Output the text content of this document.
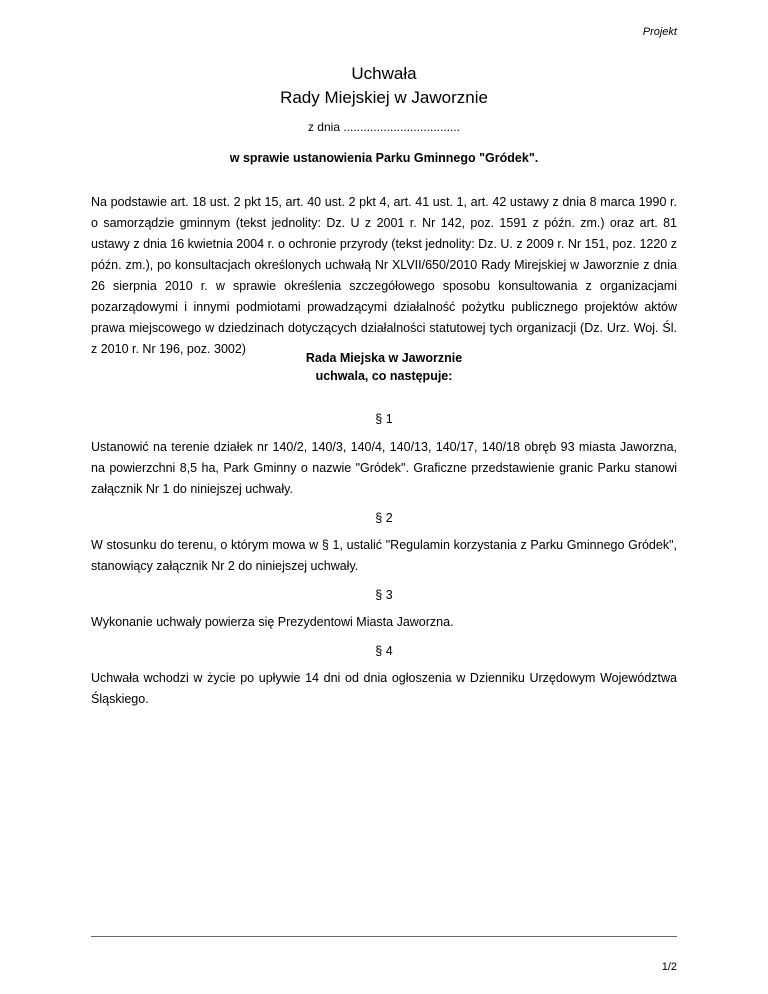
Projekt
Uchwała
Rady Miejskiej w Jaworznie
z dnia ...................................
w sprawie ustanowienia Parku Gminnego "Gródek".

Na podstawie art. 18 ust. 2 pkt 15, art. 40 ust. 2 pkt 4, art. 41 ust. 1, art. 42 ustawy z dnia 8 marca 1990 r. o samorządzie gminnym (tekst jednolity: Dz. U z 2001 r. Nr 142, poz. 1591 z późn. zm.) oraz art. 81 ustawy z dnia 16 kwietnia 2004 r. o ochronie przyrody (tekst jednolity: Dz. U. z 2009 r. Nr 151, poz. 1220 z późn. zm.), po konsultacjach określonych uchwałą Nr XLVII/650/2010 Rady Mirejskiej w Jaworznie z dnia 26 sierpnia 2010 r. w sprawie określenia szczegółowego sposobu konsultowania z organizacjami pozarządowymi i innymi podmiotami prowadzącymi działalność pożytku publicznego projektów aktów prawa miejscowego w dziedzinach dotyczących działalności statutowej tych organizacji (Dz. Urz. Woj. Śl. z 2010 r. Nr 196, poz. 3002)

Rada Miejska w Jaworznie
uchwala, co następuje:
§ 1

Ustanowić na terenie działek nr 140/2, 140/3, 140/4, 140/13, 140/17, 140/18 obręb 93 miasta Jaworzna, na powierzchni 8,5 ha, Park Gminny o nazwie "Gródek". Graficzne przedstawienie granic Parku stanowi załącznik Nr 1 do niniejszej uchwały.

§ 2

W stosunku do terenu, o którym mowa w § 1, ustalić "Regulamin korzystania z Parku Gminnego Gródek", stanowiący załącznik Nr 2 do niniejszej uchwały.

§ 3

Wykonanie uchwały powierza się Prezydentowi Miasta Jaworzna.

§ 4

Uchwała wchodzi w życie po upływie 14 dni od dnia ogłoszenia w Dzienniku Urzędowym Województwa Śląskiego.

1/2
